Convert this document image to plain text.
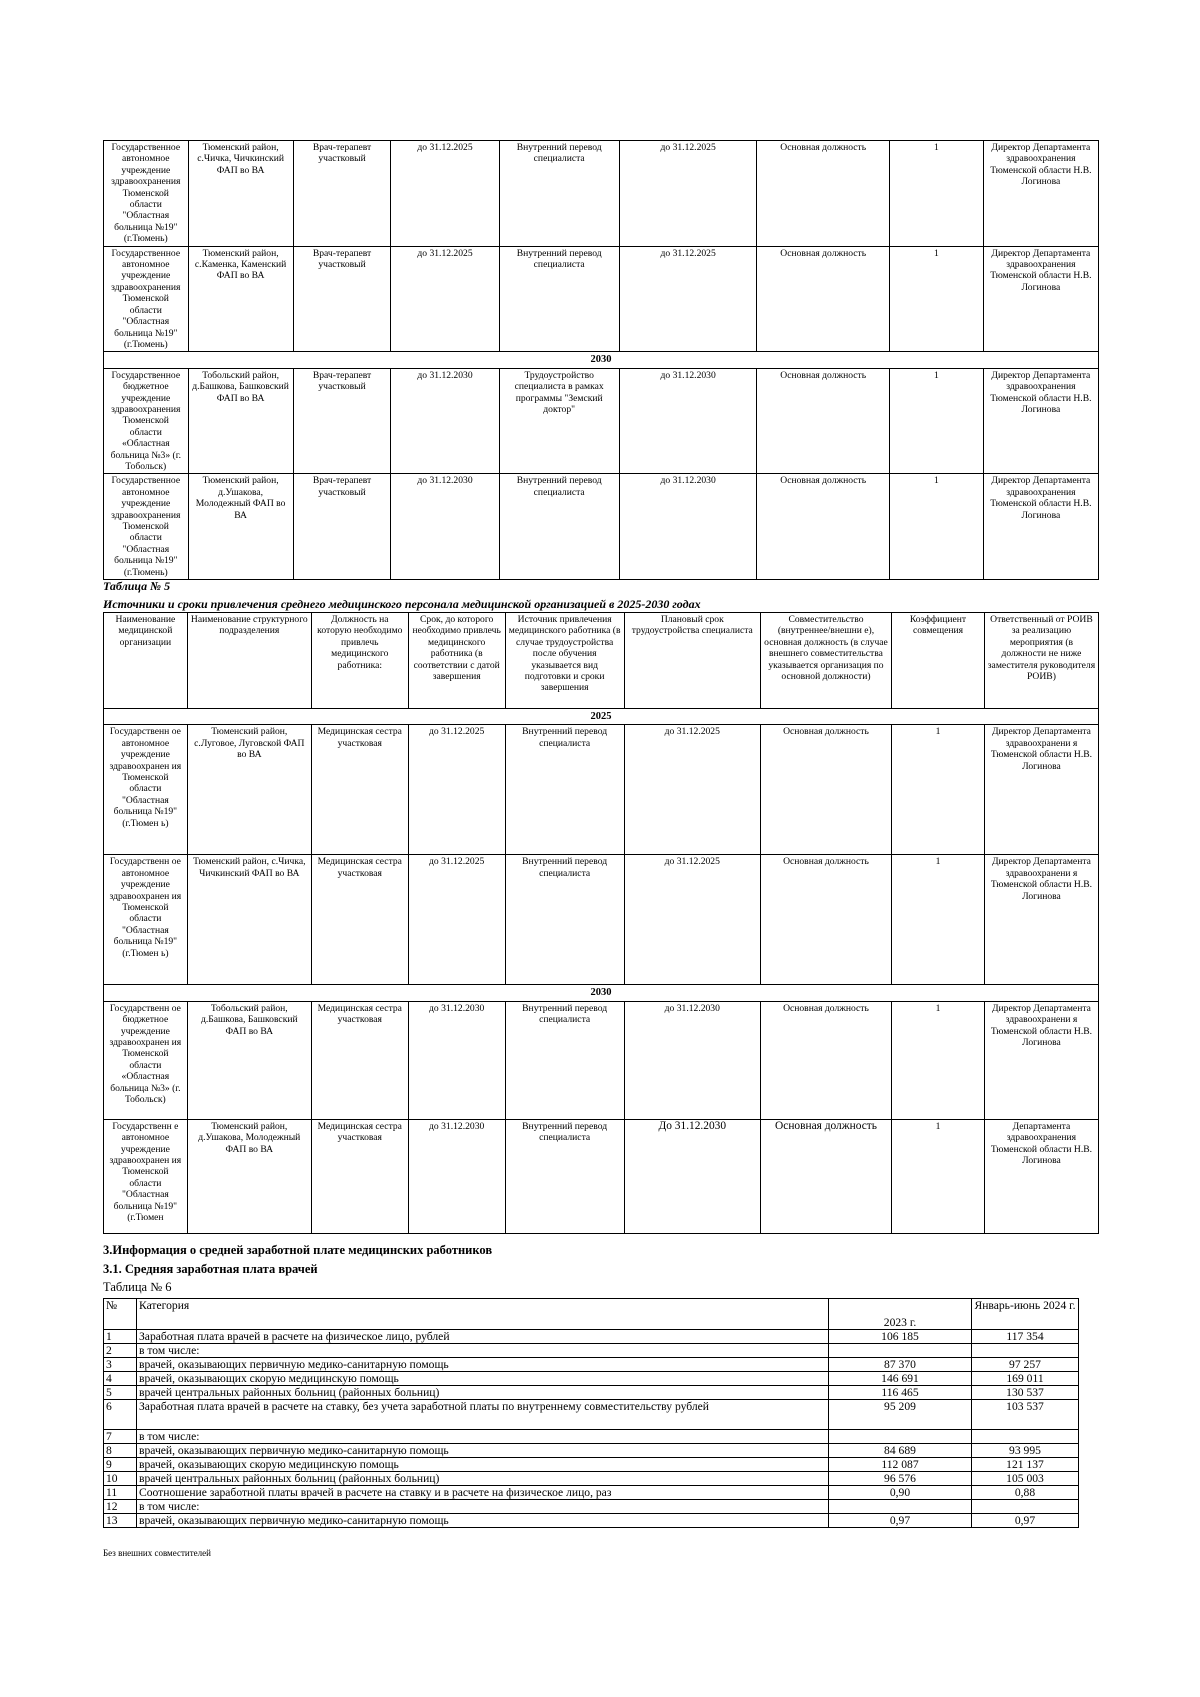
Государственное автономное учреждение здравоохранения Тюменской области "Областная больница №19"(г.Тюмень)	Тюменский район, с.Чичка, Чичкинский ФАП во ВА	Врач-терапевт участковый	до 31.12.2025	Внутренний перевод специалиста	до 31.12.2025	Основная должность	1	Директор Департамента здравоохранения Тюменской области Н.В. Логинова
Государственное автономное учреждение здравоохранения Тюменской области "Областная больница №19"(г.Тюмень)	Тюменский район, с.Каменка, Каменский ФАП во ВА	Врач-терапевт участковый	до 31.12.2025	Внутренний перевод специалиста	до 31.12.2025	Основная должность	1	Директор Департамента здравоохранения Тюменской области Н.В. Логинова
2030								
Государственное бюджетное учреждение здравоохранения Тюменской области «Областная больница №3» (г. Тобольск)	Тобольский район, д.Башкова, Башковский ФАП во ВА	Врач-терапевт участковый	до 31.12.2030	Трудоустройство специалиста в рамках программы "Земский доктор"	до 31.12.2030	Основная должность	1	Директор Департамента здравоохранения Тюменской области Н.В. Логинова
Государственное автономное учреждение здравоохранения Тюменской области "Областная больница №19"(г.Тюмень)	Тюменский район, д.Ушакова, Молодежный ФАП во ВА	Врач-терапевт участковый	до 31.12.2030	Внутренний перевод специалиста	до 31.12.2030	Основная должность	1	Директор Департамента здравоохранения Тюменской области Н.В. Логинова
Таблица № 5
Источники и сроки привлечения среднего медицинского персонала медицинской организацией в 2025-2030 годах
Наименование медицинской организации	Наименование структурного подразделения	Должность на которую необходимо привлечь медицинского работника:	Срок, до которого необходимо привлечь медицинского работника (в соответствии с датой завершения	Источник привлечения медицинского работника (в случае трудоустройства после обучения указывается вид подготовки и сроки завершения	Плановый срок трудоустройства специалиста	Совместительство (внутреннее/внешни е), основная должность (в случае внешнего совместительства указывается организация по основной должности)	Коэффициент совмещения	Ответственный от РОИВ за реализацию мероприятия (в должности не ниже заместителя руководителя РОИВ)
2025								
Государственн ое автономное учреждение здравоохранен ия Тюменской области "Областная больница №19"(г.Тюмен ь)	Тюменский район, с.Луговое, Луговской ФАП во ВА	Медицинская сестра участковая	до 31.12.2025	Внутренний перевод специалиста	до 31.12.2025	Основная должность	1	Директор Департамента здравоохранени я Тюменской области Н.В. Логинова
Государственн ое автономное учреждение здравоохранен ия Тюменской области "Областная больница №19"(г.Тюмен ь)	Тюменский район, с.Чичка, Чичкинский ФАП во ВА	Медицинская сестра участковая	до 31.12.2025	Внутренний перевод специалиста	до 31.12.2025	Основная должность	1	Директор Департамента здравоохранени я Тюменской области Н.В. Логинова
2030								
Государственн ое бюджетное учреждение здравоохранен ия Тюменской области «Областная больница №3» (г. Тобольск)	Тобольский район, д.Башкова, Башковский ФАП во ВА	Медицинская сестра участковая	до 31.12.2030	Внутренний перевод специалиста	до 31.12.2030	Основная должность	1	Директор Департамента здравоохранени я Тюменской области Н.В. Логинова
Государственн е автономное учреждение здравоохранен ия Тюменской области "Областная больница №19"(г.Тюмен	Тюменский район, д.Ушакова, Молодежный ФАП во ВА	Медицинская сестра участковая	до 31.12.2030	Внутренний перевод специалиста	До 31.12.2030	Основная должность	1	Департамента здравоохранения Тюменской области Н.В. Логинова
3.Информация о средней заработной плате медицинских работников
3.1. Средняя заработная плата врачей
Таблица № 6
№	Категория	2023 г.	Январь-июнь 2024 г.
1	Заработная плата врачей в расчете на физическое лицо, рублей	106 185	117 354
2	в том числе:		
3	врачей, оказывающих первичную медико-санитарную помощь	87 370	97 257
4	врачей, оказывающих скорую медицинскую помощь	146 691	169 011
5	врачей центральных районных больниц (районных больниц)	116 465	130 537
6	Заработная плата врачей в расчете на ставку, без учета заработной платы по внутреннему совместительству рублей	95 209	103 537
7	в том числе:		
8	врачей, оказывающих первичную медико-санитарную помощь	84 689	93 995
9	врачей, оказывающих скорую медицинскую помощь	112 087	121 137
10	врачей центральных районных больниц (районных больниц)	96 576	105 003
11	Соотношение заработной платы врачей в расчете на ставку и в расчете на физическое лицо, раз	0,90	0,88
12	в том числе:		
13	врачей, оказывающих первичную медико-санитарную помощь	0,97	0,97
Без внешних совместителей
